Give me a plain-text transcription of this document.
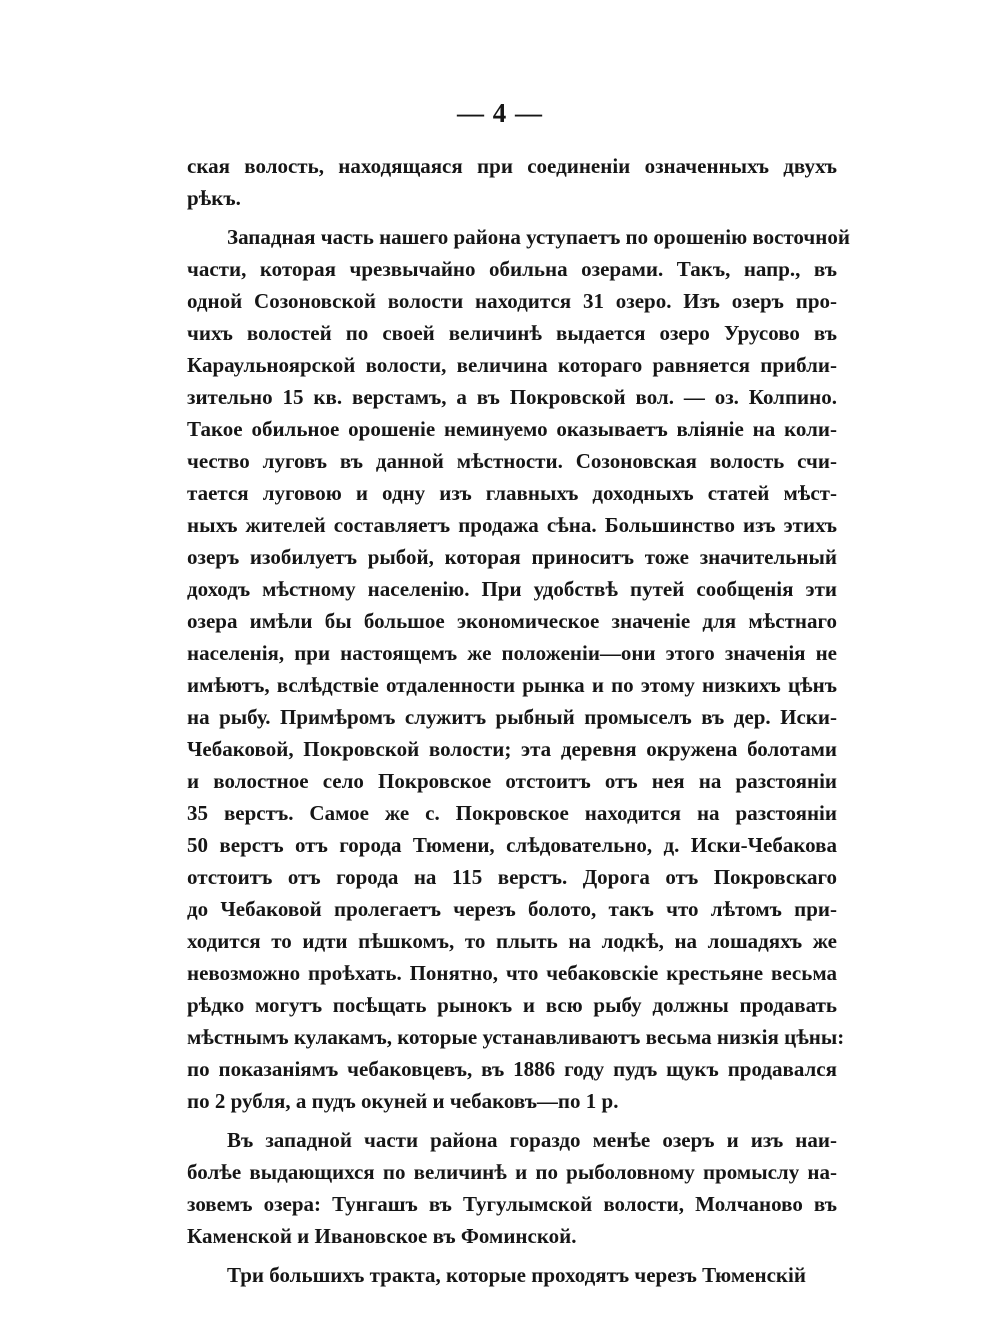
— 4 —
ская волость, находящаяся при соединеніи означенныхъ двухъ
рѣкъ.
Западная часть нашего района уступаетъ по орошенію восточной
части, которая чрезвычайно обильна озерами. Такъ, напр., въ
одной Созоновской волости находится 31 озеро. Изъ озеръ про-
чихъ волостей по своей величинѣ выдается озеро Урусово въ
Караульноярской волости, величина котораго равняется прибли-
зительно 15 кв. верстамъ, а въ Покровской вол. — оз. Колпино.
Такое обильное орошеніе неминуемо оказываетъ вліяніе на коли-
чество луговъ въ данной мѣстности. Созоновская волость счи-
тается луговою и одну изъ главныхъ доходныхъ статей мѣст-
ныхъ жителей составляетъ продажа сѣна. Большинство изъ этихъ
озеръ изобилуетъ рыбой, которая приноситъ тоже значительный
доходъ мѣстному населенію. При удобствѣ путей сообщенія эти
озера имѣли бы большое экономическое значеніе для мѣстнаго
населенія, при настоящемъ же положеніи—они этого значенія не
имѣютъ, вслѣдствіе отдаленности рынка и по этому низкихъ цѣнъ
на рыбу. Примѣромъ служитъ рыбный промыселъ въ дер. Иски-
Чебаковой, Покровской волости; эта деревня окружена болотами
и волостное село Покровское отстоитъ отъ нея на разстояніи
35 верстъ. Самое же с. Покровское находится на разстояніи
50 верстъ отъ города Тюмени, слѣдовательно, д. Иски-Чебакова
отстоитъ отъ города на 115 верстъ. Дорога отъ Покровскаго
до Чебаковой пролегаетъ черезъ болото, такъ что лѣтомъ при-
ходится то идти пѣшкомъ, то плыть на лодкѣ, на лошадяхъ же
невозможно проѣхать. Понятно, что чебаковскіе крестьяне весьма
рѣдко могутъ посѣщать рынокъ и всю рыбу должны продавать
мѣстнымъ кулакамъ, которые устанавливаютъ весьма низкія цѣны:
по показаніямъ чебаковцевъ, въ 1886 году пудъ щукъ продавался
по 2 рубля, а пудъ окуней и чебаковъ—по 1 р.
Въ западной части района гораздо менѣе озеръ и изъ наи-
болѣе выдающихся по величинѣ и по рыболовному промыслу на-
зовемъ озера: Тунгашъ въ Тугулымской волости, Молчаново въ
Каменской и Ивановское въ Фоминской.
Три большихъ тракта, которые проходятъ черезъ Тюменскій
